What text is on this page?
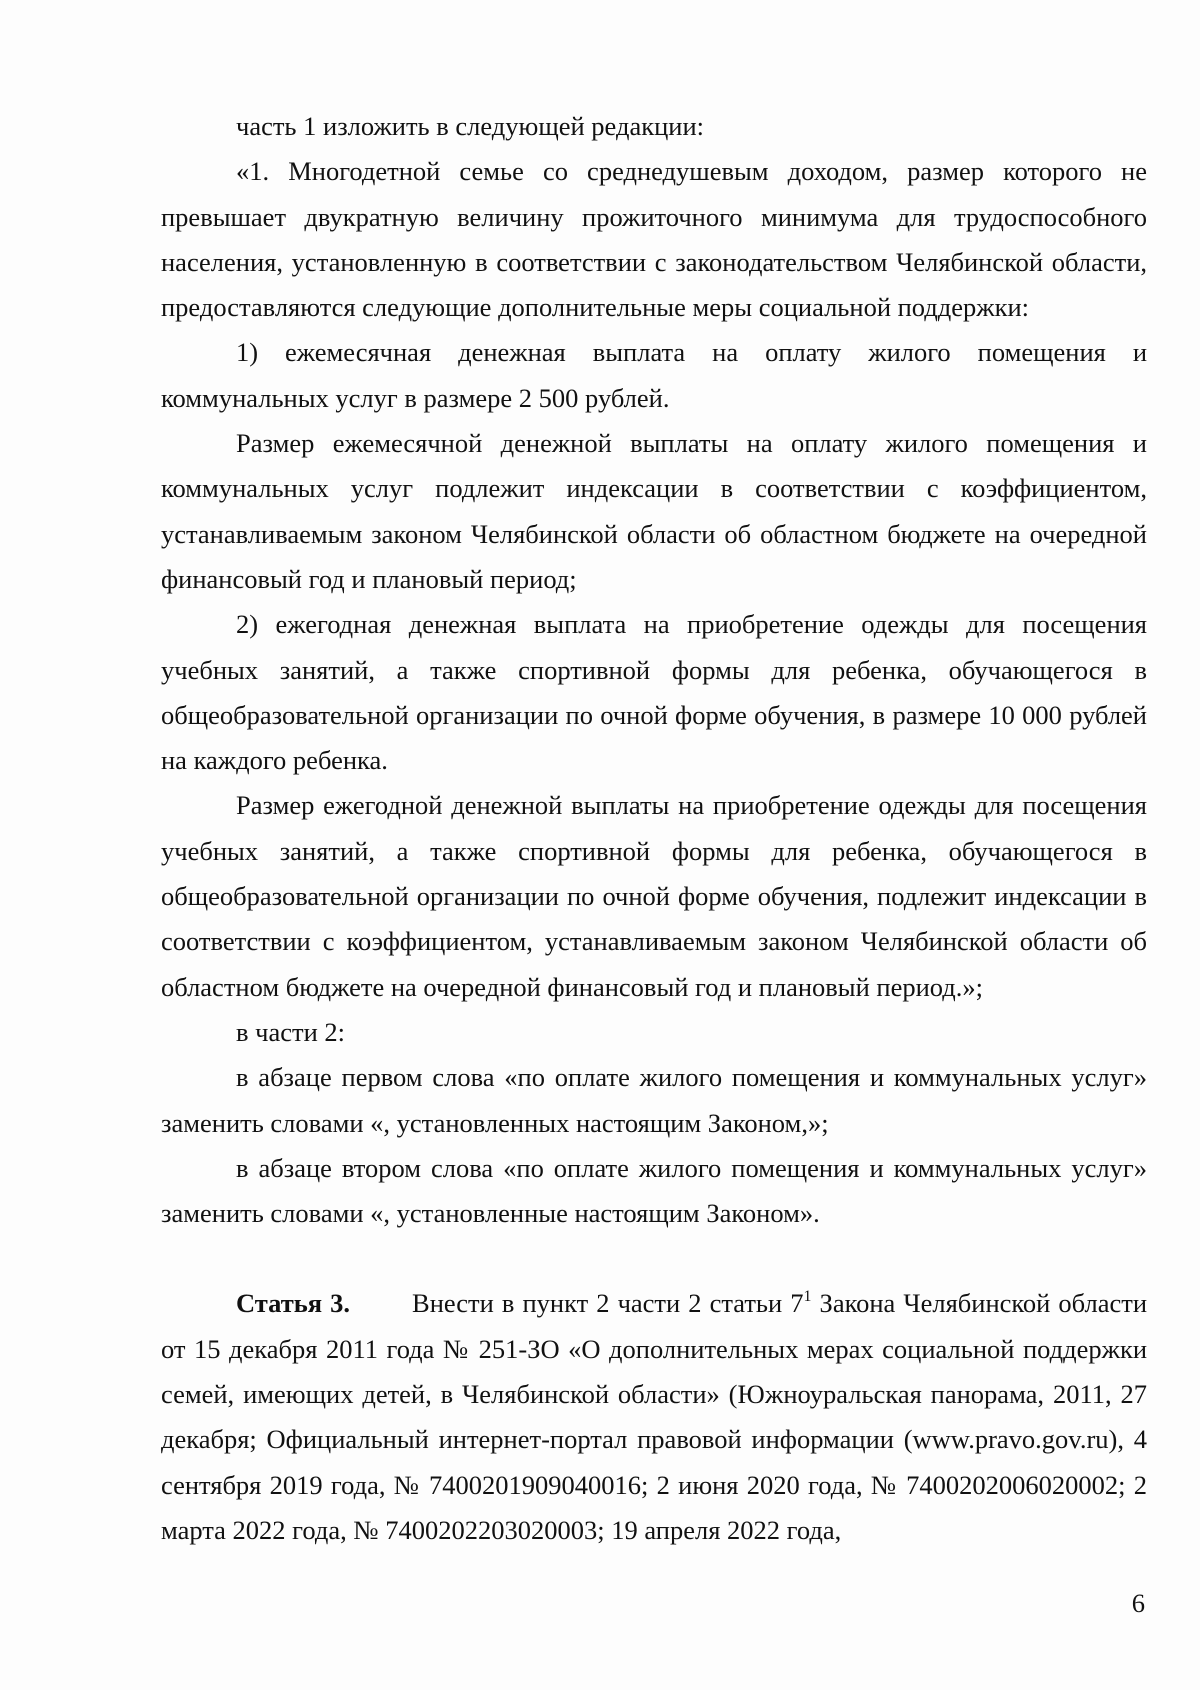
часть 1 изложить в следующей редакции:

«1. Многодетной семье со среднедушевым доходом, размер которого не превышает двукратную величину прожиточного минимума для трудоспособного населения, установленную в соответствии с законодательством Челябинской области, предоставляются следующие дополнительные меры социальной поддержки:

1) ежемесячная денежная выплата на оплату жилого помещения и коммунальных услуг в размере 2 500 рублей.

Размер ежемесячной денежной выплаты на оплату жилого помещения и коммунальных услуг подлежит индексации в соответствии с коэффициентом, устанавливаемым законом Челябинской области об областном бюджете на очередной финансовый год и плановый период;

2) ежегодная денежная выплата на приобретение одежды для посещения учебных занятий, а также спортивной формы для ребенка, обучающегося в общеобразовательной организации по очной форме обучения, в размере 10 000 рублей на каждого ребенка.

Размер ежегодной денежной выплаты на приобретение одежды для посещения учебных занятий, а также спортивной формы для ребенка, обучающегося в общеобразовательной организации по очной форме обучения, подлежит индексации в соответствии с коэффициентом, устанавливаемым законом Челябинской области об областном бюджете на очередной финансовый год и плановый период.»;

в части 2:

в абзаце первом слова «по оплате жилого помещения и коммунальных услуг» заменить словами «, установленных настоящим Законом,»;

в абзаце втором слова «по оплате жилого помещения и коммунальных услуг» заменить словами «, установленные настоящим Законом».

Статья 3. Внести в пункт 2 части 2 статьи $7^1$ Закона Челябинской области от 15 декабря 2011 года № 251-ЗО «О дополнительных мерах социальной поддержки семей, имеющих детей, в Челябинской области» (Южноуральская панорама, 2011, 27 декабря; Официальный интернет-портал правовой информации (www.pravo.gov.ru), 4 сентября 2019 года, № 7400201909040016; 2 июня 2020 года, № 7400202006020002; 2 марта 2022 года, № 7400202203020003; 19 апреля 2022 года,

6
